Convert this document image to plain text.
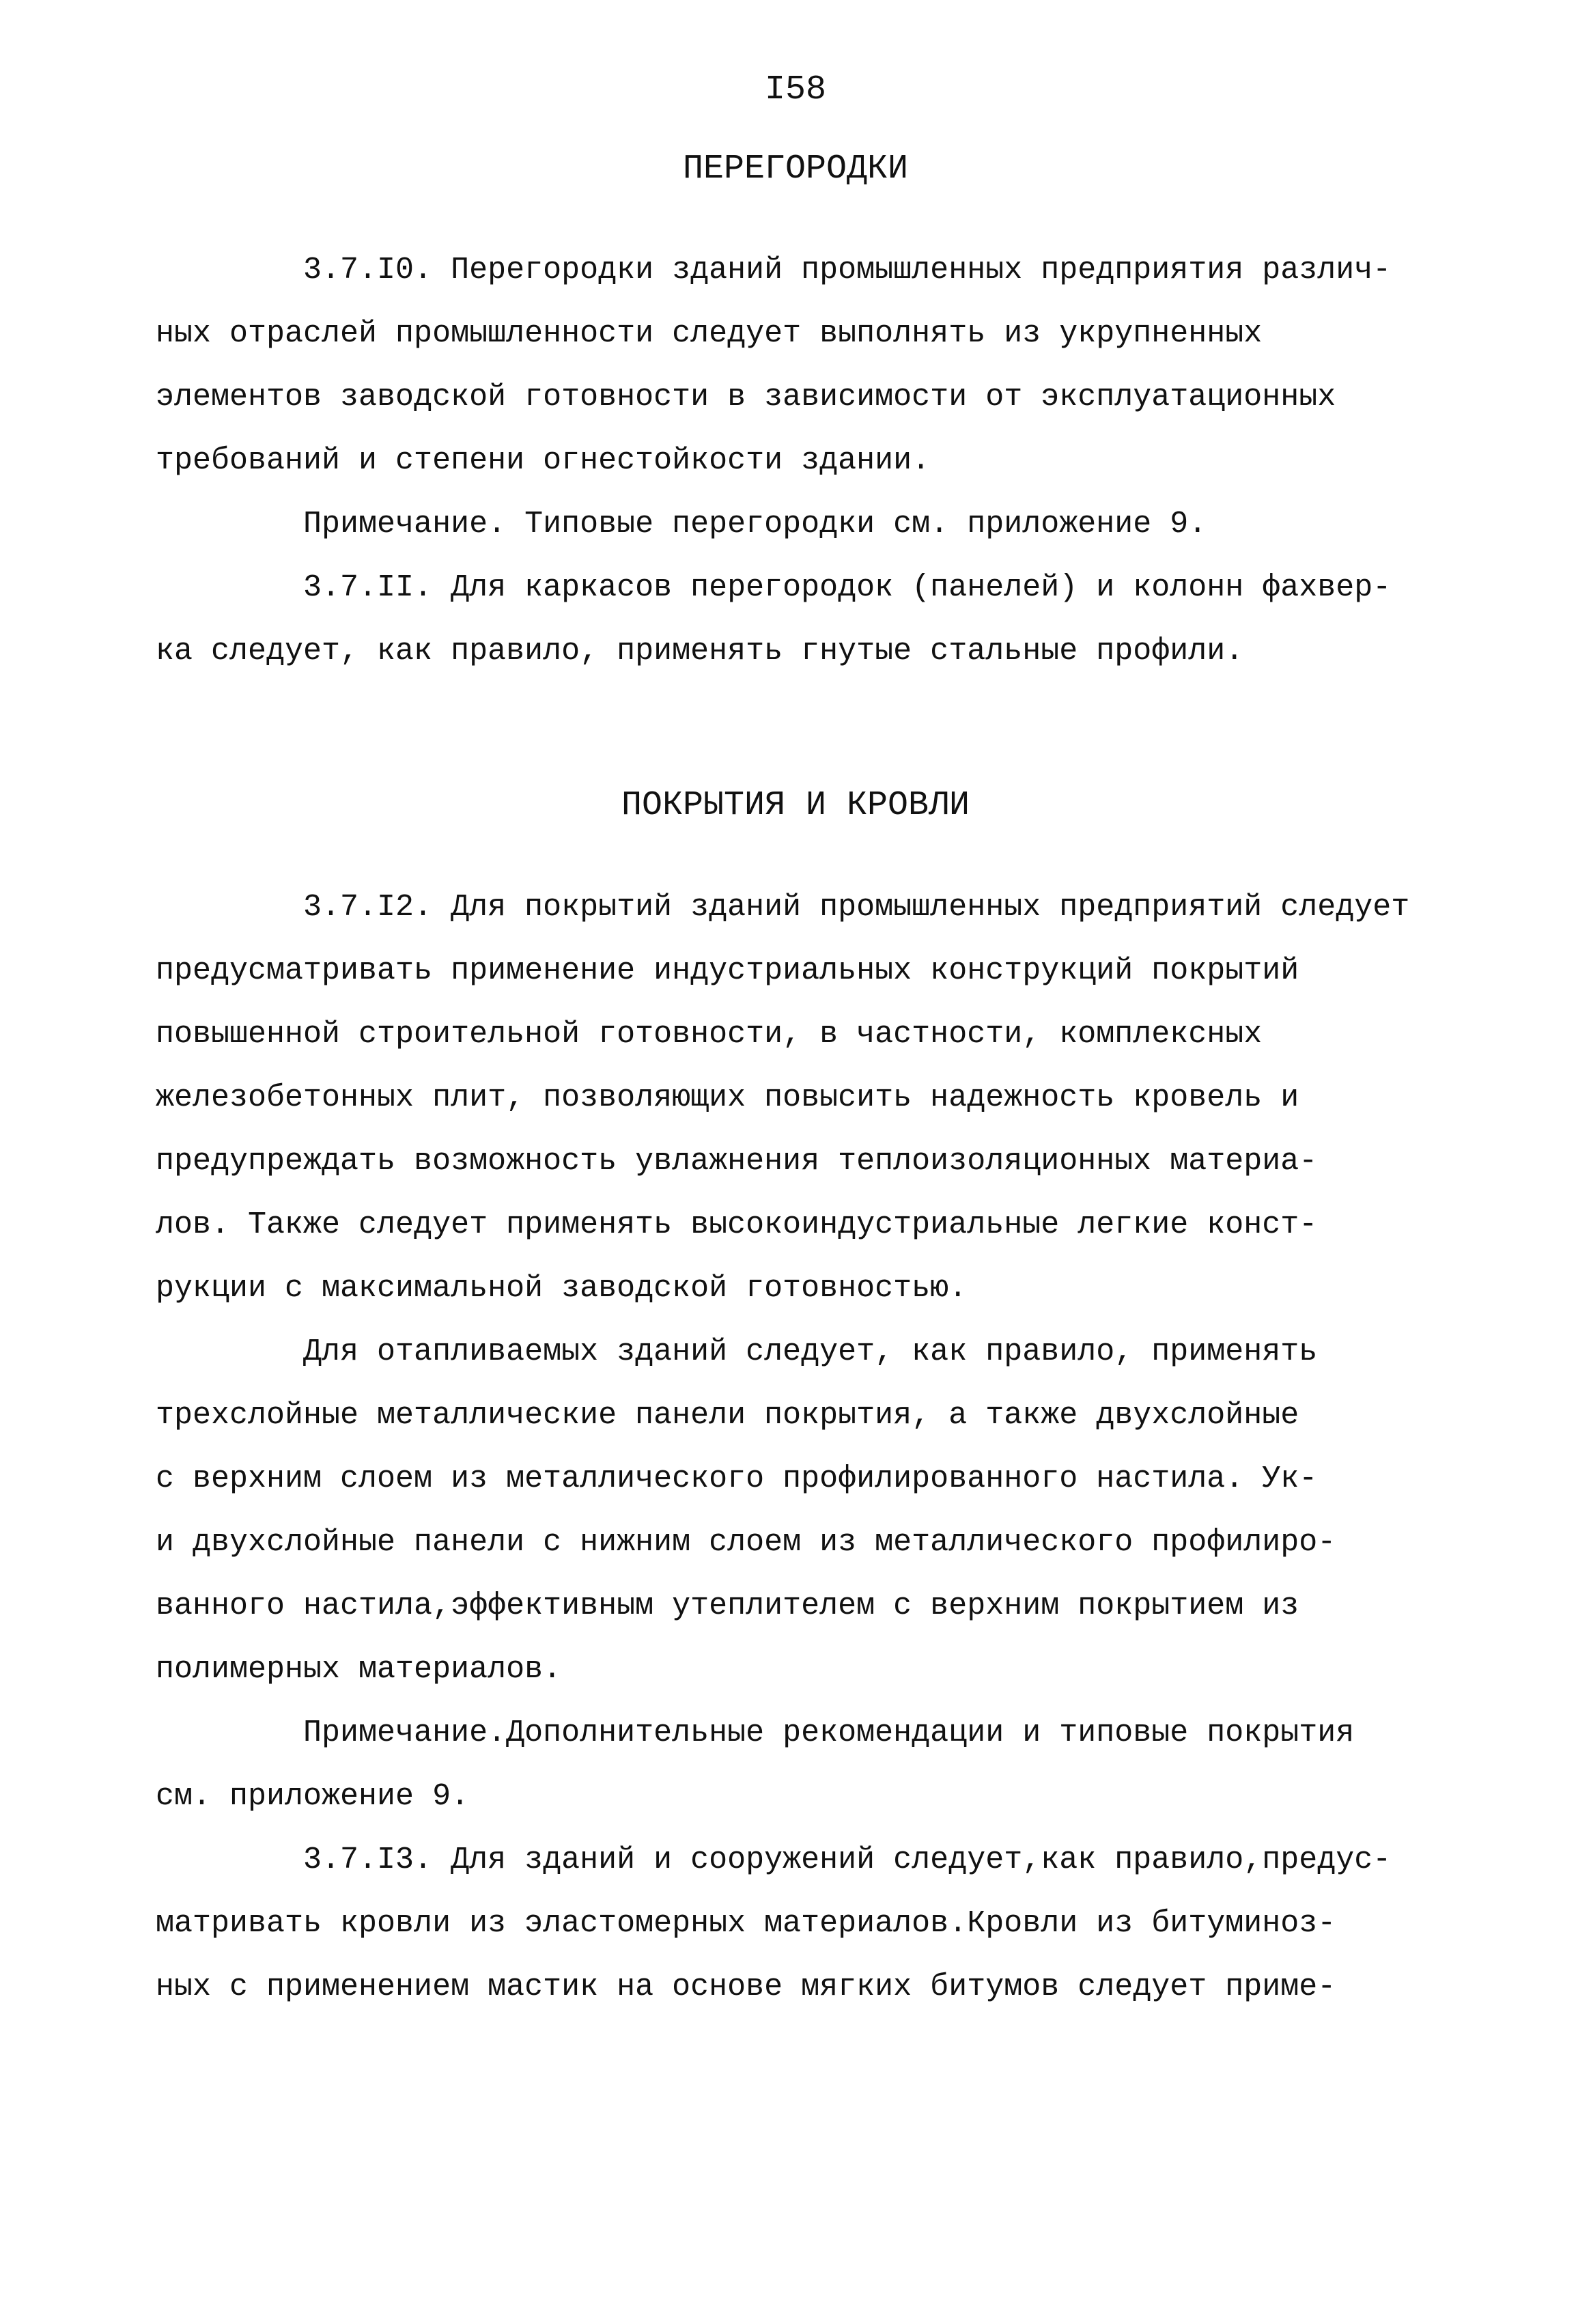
I58
ПЕРЕГОРОДКИ
3.7.I0. Перегородки зданий промышленных предприятия различ-
ных отраслей промышленности следует выполнять из укрупненных
элементов заводской готовности в зависимости от эксплуатационных
требований и степени огнестойкости здании.
Примечание. Типовые перегородки см. приложение 9.
3.7.II. Для каркасов перегородок (панелей) и колонн фахвер-
ка следует, как правило, применять гнутые стальные профили.
ПОКРЫТИЯ И КРОВЛИ
3.7.I2. Для покрытий зданий промышленных предприятий следует
предусматривать применение индустриальных конструкций покрытий
повышенной строительной готовности, в частности, комплексных
железобетонных плит, позволяющих повысить надежность кровель и
предупреждать возможность увлажнения теплоизоляционных материа-
лов. Также следует применять высокоиндустриальные легкие конст-
рукции с максимальной заводской готовностью.
Для отапливаемых зданий следует, как правило, применять
трехслойные металлические панели покрытия, а также двухслойные
с верхним слоем из металлического профилированного настила. Ук-
и двухслойные панели с нижним слоем из металлического профилиро-
ванного настила,эффективным утеплителем с верхним покрытием из
полимерных материалов.
Примечание.Дополнительные рекомендации и типовые покрытия
см. приложение 9.
3.7.I3. Для зданий и сооружений следует,как правило,предус-
матривать кровли из эластомерных материалов.Кровли из битуминоз-
ных с применением мастик на основе мягких битумов следует приме-
